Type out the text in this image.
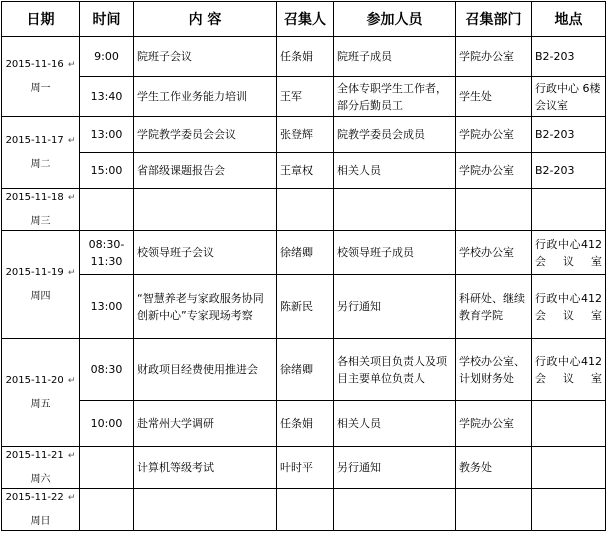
日期	时间	内 容	召集人	参加人员	召集部门	地点
2015-11-16 ↵
周一	9:00	院班子会议	任条娟	院班子成员	学院办公室	B2-203
	13:40	学生工作业务能力培训	王军	全体专职学生工作者，部分后勤员工	学生处	行政中心 6楼会议室
2015-11-17 ↵
周二	13:00	学院教学委员会会议	张登辉	院教学委员会成员	学院办公室	B2-203
	15:00	省部级课题报告会	王章权	相关人员	学院办公室	B2-203
2015-11-18 ↵
周三						

2015-11-19 ↵
周四	08:30-11:30	校领导班子会议	徐绪卿	校领导班子成员	学校办公室	行政中心412会议室
	13:00	“智慧养老与家政服务协同创新中心”专家现场考察	陈新民	另行通知	科研处、继续教育学院	行政中心412会议室
2015-11-20 ↵
周五	08:30	财政项目经费使用推进会	徐绪卿	各相关项目负责人及项目主要单位负责人	学校办公室、计划财务处	行政中心412会议室
	10:00	赴常州大学调研	任条娟	相关人员	学院办公室	
2015-11-21 ↵
周六		计算机等级考试	叶时平	另行通知	教务处	
2015-11-22 ↵
周日						
